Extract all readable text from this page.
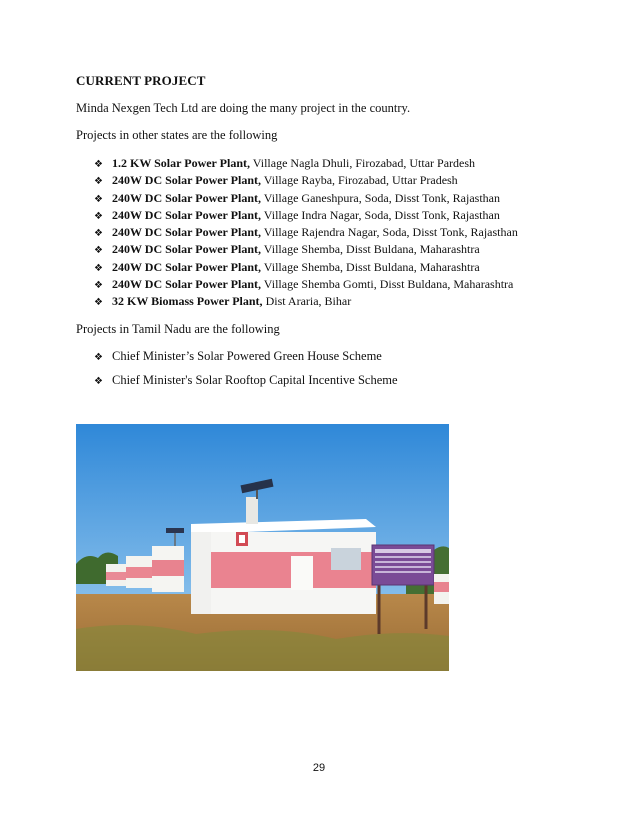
CURRENT PROJECT
Minda Nexgen Tech Ltd are doing the many project in the country.
Projects in other states are the following
❖ 1.2 KW Solar Power Plant, Village Nagla Dhuli, Firozabad, Uttar Pardesh
❖ 240W DC Solar Power Plant, Village Rayba, Firozabad, Uttar Pradesh
❖ 240W DC Solar Power Plant, Village Ganeshpura, Soda, Disst Tonk, Rajasthan
❖ 240W DC Solar Power Plant, Village Indra Nagar, Soda, Disst Tonk, Rajasthan
❖ 240W DC Solar Power Plant, Village Rajendra Nagar, Soda, Disst Tonk, Rajasthan
❖ 240W DC Solar Power Plant, Village Shemba, Disst Buldana, Maharashtra
❖ 240W DC Solar Power Plant, Village Shemba, Disst Buldana, Maharashtra
❖ 240W DC Solar Power Plant, Village Shemba Gomti, Disst Buldana, Maharashtra
❖ 32 KW Biomass Power Plant, Dist Araria, Bihar
Projects in Tamil Nadu are the following
❖ Chief Minister’s Solar Powered Green House Scheme
❖ Chief Minister's Solar Rooftop Capital Incentive Scheme
29
